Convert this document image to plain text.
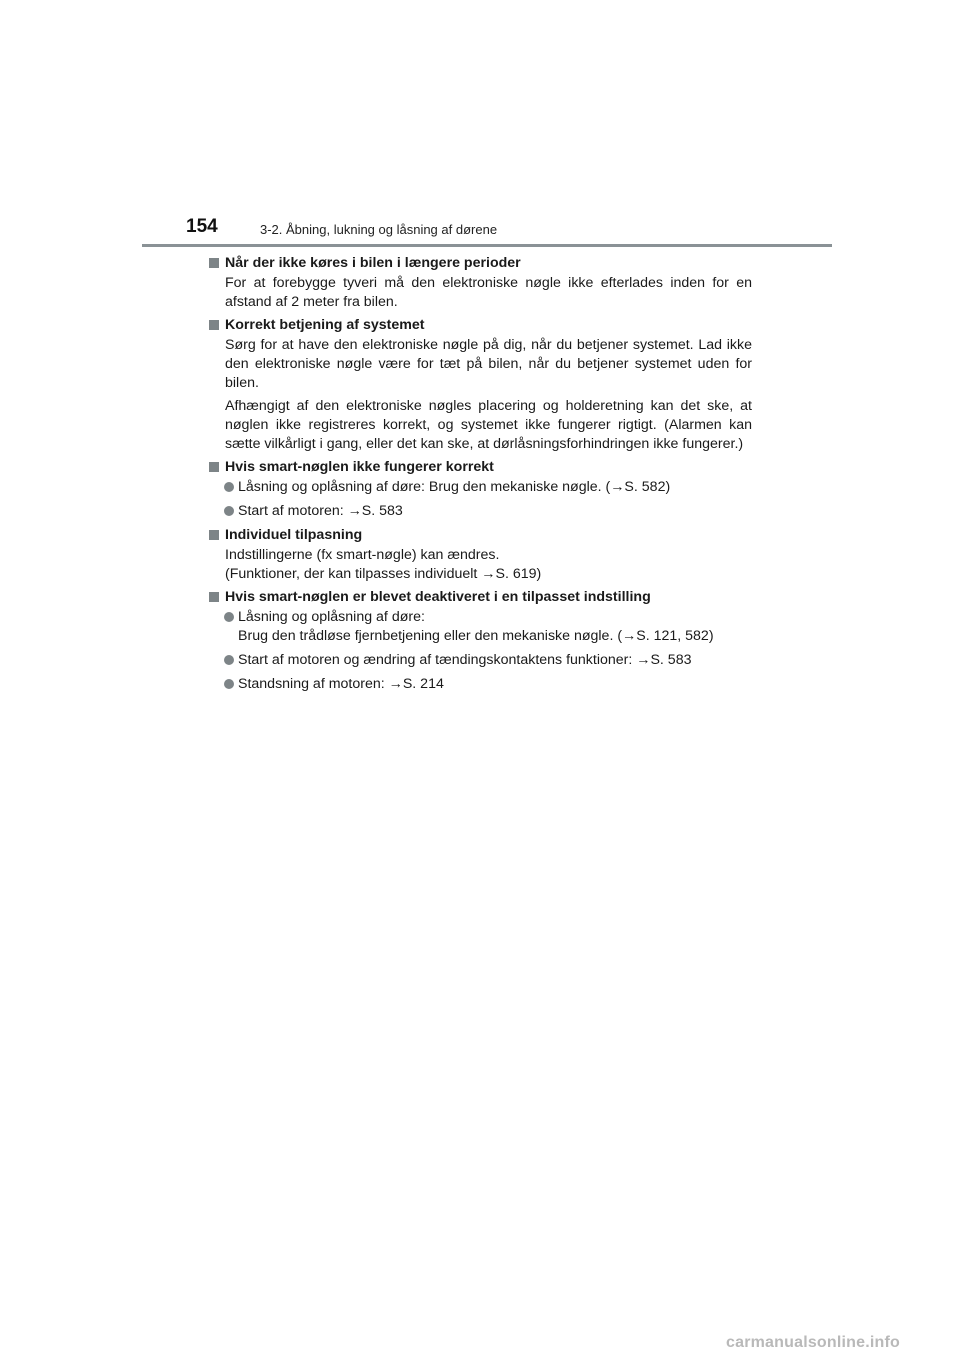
154	3-2. Åbning, lukning og låsning af dørene
Når der ikke køres i bilen i længere perioder
For at forebygge tyveri må den elektroniske nøgle ikke efterlades inden for en afstand af 2 meter fra bilen.
Korrekt betjening af systemet
Sørg for at have den elektroniske nøgle på dig, når du betjener systemet. Lad ikke den elektroniske nøgle være for tæt på bilen, når du betjener systemet uden for bilen.
Afhængigt af den elektroniske nøgles placering og holderetning kan det ske, at nøglen ikke registreres korrekt, og systemet ikke fungerer rigtigt. (Alarmen kan sætte vilkårligt i gang, eller det kan ske, at dørlåsningsforhindringen ikke fungerer.)
Hvis smart-nøglen ikke fungerer korrekt
Låsning og oplåsning af døre: Brug den mekaniske nøgle. (→S. 582)
Start af motoren: →S. 583
Individuel tilpasning
Indstillingerne (fx smart-nøgle) kan ændres.
(Funktioner, der kan tilpasses individuelt →S. 619)
Hvis smart-nøglen er blevet deaktiveret i en tilpasset indstilling
Låsning og oplåsning af døre:
Brug den trådløse fjernbetjening eller den mekaniske nøgle. (→S. 121, 582)
Start af motoren og ændring af tændingskontaktens funktioner: →S. 583
Standsning af motoren: →S. 214
carmanualsonline.info
